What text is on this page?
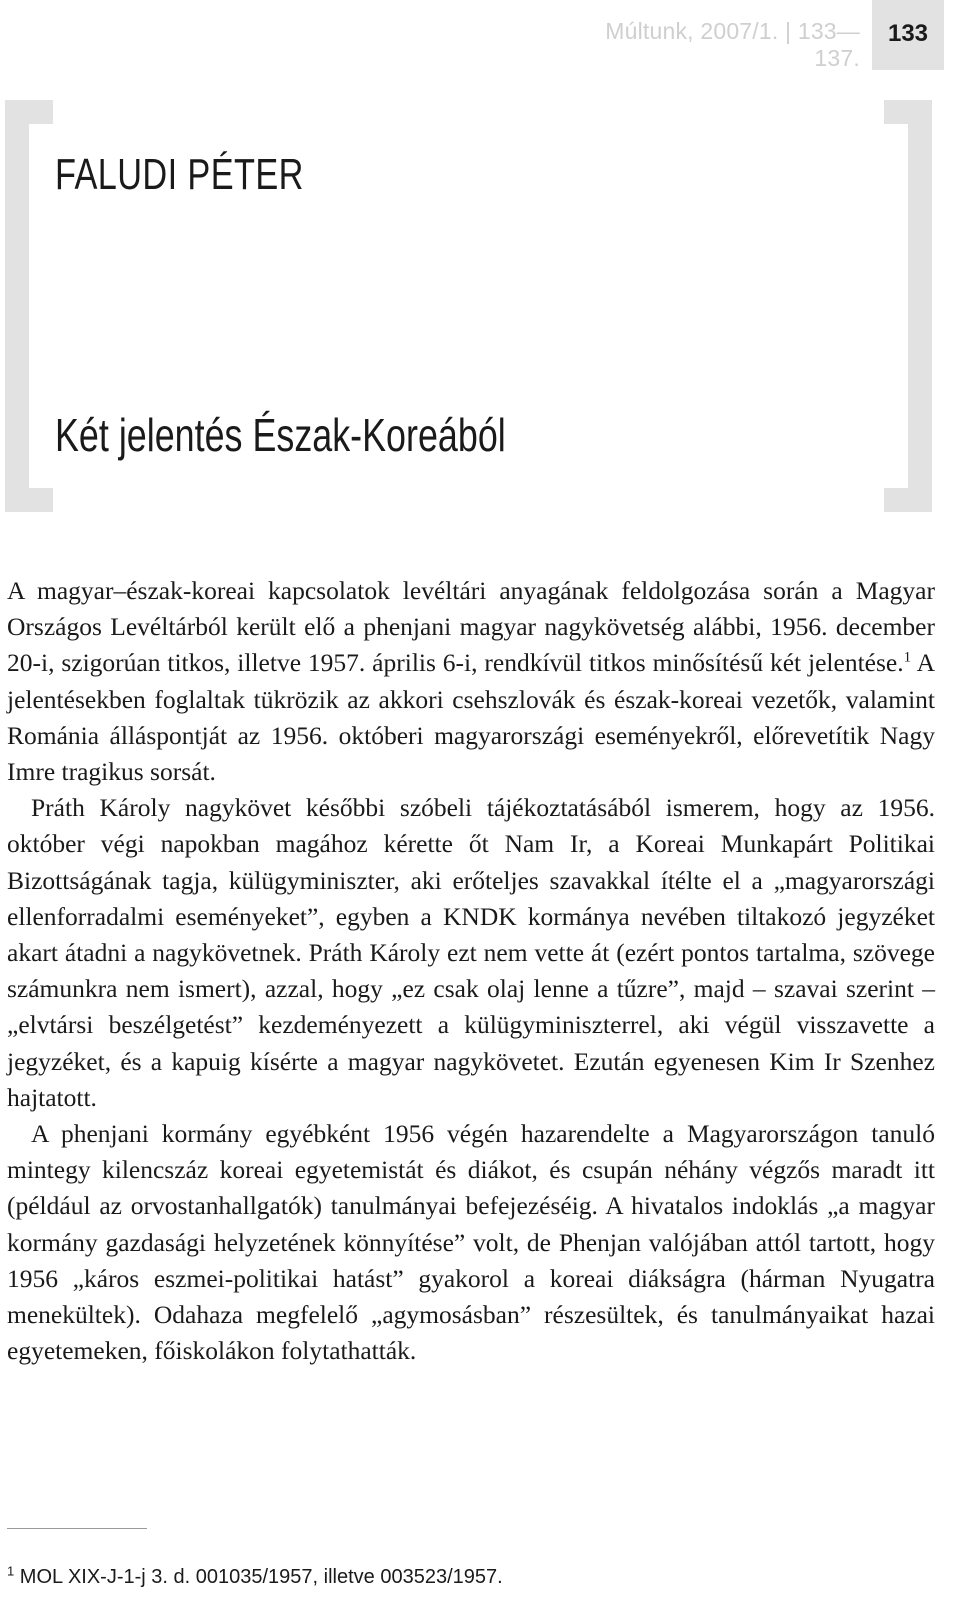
Múltunk, 2007/1. | 133—137.
133
FALUDI PÉTER
Két jelentés Észak-Koreából

A magyar–észak-koreai kapcsolatok levéltári anyagának feldolgozása során a Magyar Országos Levéltárból került elő a phenjani magyar nagykövetség alábbi, 1956. december 20-i, szigorúan titkos, illetve 1957. április 6-i, rendkívül titkos minősítésű két jelentése.$^1$ A jelentésekben foglaltak tükrözik az akkori csehszlovák és észak-koreai vezetők, valamint Románia álláspontját az 1956. októberi magyarországi eseményekről, előrevetítik Nagy Imre tragikus sorsát.

Práth Károly nagykövet későbbi szóbeli tájékoztatásából ismerem, hogy az 1956. október végi napokban magához kérette őt Nam Ir, a Koreai Munkapárt Politikai Bizottságának tagja, külügyminiszter, aki erőteljes szavakkal ítélte el a „magyarországi ellenforradalmi eseményeket”, egyben a KNDK kormánya nevében tiltakozó jegyzéket akart átadni a nagykövetnek. Práth Károly ezt nem vette át (ezért pontos tartalma, szövege számunkra nem ismert), azzal, hogy „ez csak olaj lenne a tűzre”, majd – szavai szerint – „elvtársi beszélgetést” kezdeményezett a külügyminiszterrel, aki végül visszavette a jegyzéket, és a kapuig kísérte a magyar nagykövetet. Ezután egyenesen Kim Ir Szenhez hajtatott.

A phenjani kormány egyébként 1956 végén hazarendelte a Magyarországon tanuló mintegy kilencszáz koreai egyetemistát és diákot, és csupán néhány végzős maradt itt (például az orvostanhallgatók) tanulmányai befejezéséig. A hivatalos indoklás „a magyar kormány gazdasági helyzetének könnyítése” volt, de Phenjan valójában attól tartott, hogy 1956 „káros eszmei-politikai hatást” gyakorol a koreai diákságra (hárman Nyugatra menekültek). Odahaza megfelelő „agymosásban” részesültek, és tanulmányaikat hazai egyetemeken, főiskolákon folytathatták.

$^1$ MOL XIX-J-1-j 3. d. 001035/1957, illetve 003523/1957.
